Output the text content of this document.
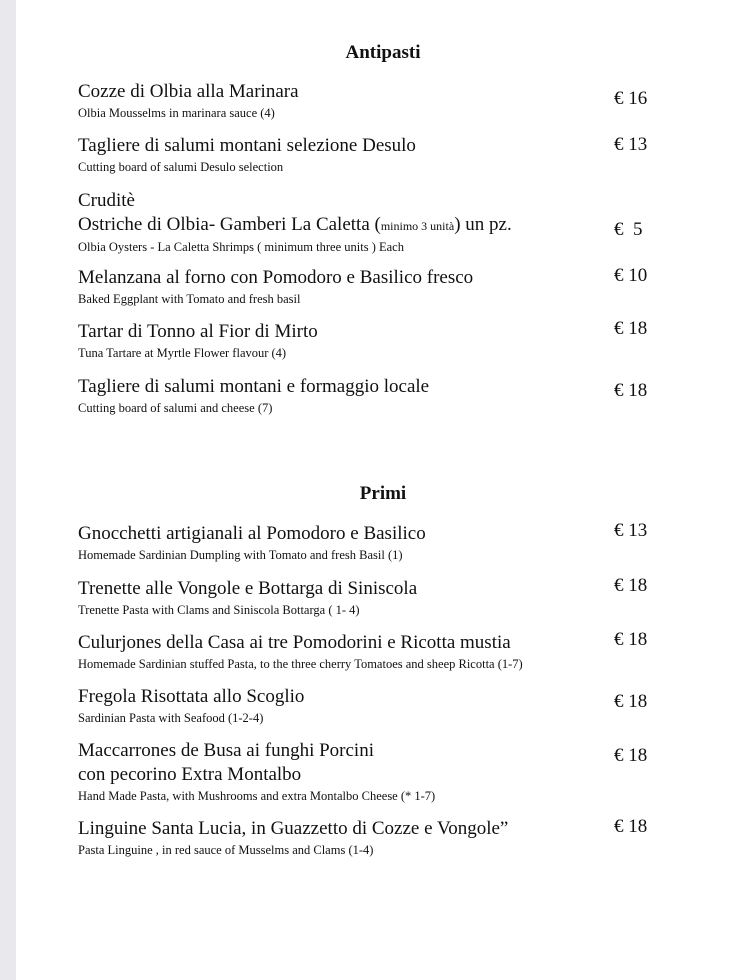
Antipasti
Cozze di Olbia alla Marinara
Olbia Mousselms in marinara sauce (4)
€ 16
Tagliere di salumi montani selezione Desulo
Cutting board of salumi Desulo selection
€ 13
Cruditè
Ostriche di Olbia- Gamberi La Caletta (minimo 3 unità) un pz.
Olbia Oysters - La Caletta Shrimps ( minimum three units ) Each
€  5
Melanzana al forno con Pomodoro e Basilico fresco
Baked Eggplant with Tomato and fresh basil
€ 10
Tartar di Tonno al Fior di Mirto
Tuna Tartare at Myrtle Flower flavour (4)
€ 18
Tagliere di salumi montani e formaggio locale
Cutting board of salumi and cheese (7)
€ 18
Primi
Gnocchetti artigianali al Pomodoro e Basilico
Homemade Sardinian Dumpling with Tomato and fresh Basil (1)
€ 13
Trenette alle Vongole e Bottarga di Siniscola
Trenette Pasta with Clams and Siniscola Bottarga ( 1- 4)
€ 18
Culurjones della Casa ai tre Pomodorini e Ricotta mustia
Homemade Sardinian stuffed Pasta, to the three cherry Tomatoes and sheep Ricotta (1-7)
€ 18
Fregola Risottata allo Scoglio
Sardinian Pasta with Seafood (1-2-4)
€ 18
Maccarrones de Busa ai funghi Porcini
con pecorino Extra Montalbo
Hand Made Pasta, with Mushrooms and extra Montalbo Cheese (* 1-7)
€ 18
Linguine Santa Lucia, in Guazzetto di Cozze e Vongole”
Pasta Linguine , in red sauce of Musselms and Clams (1-4)
€ 18
